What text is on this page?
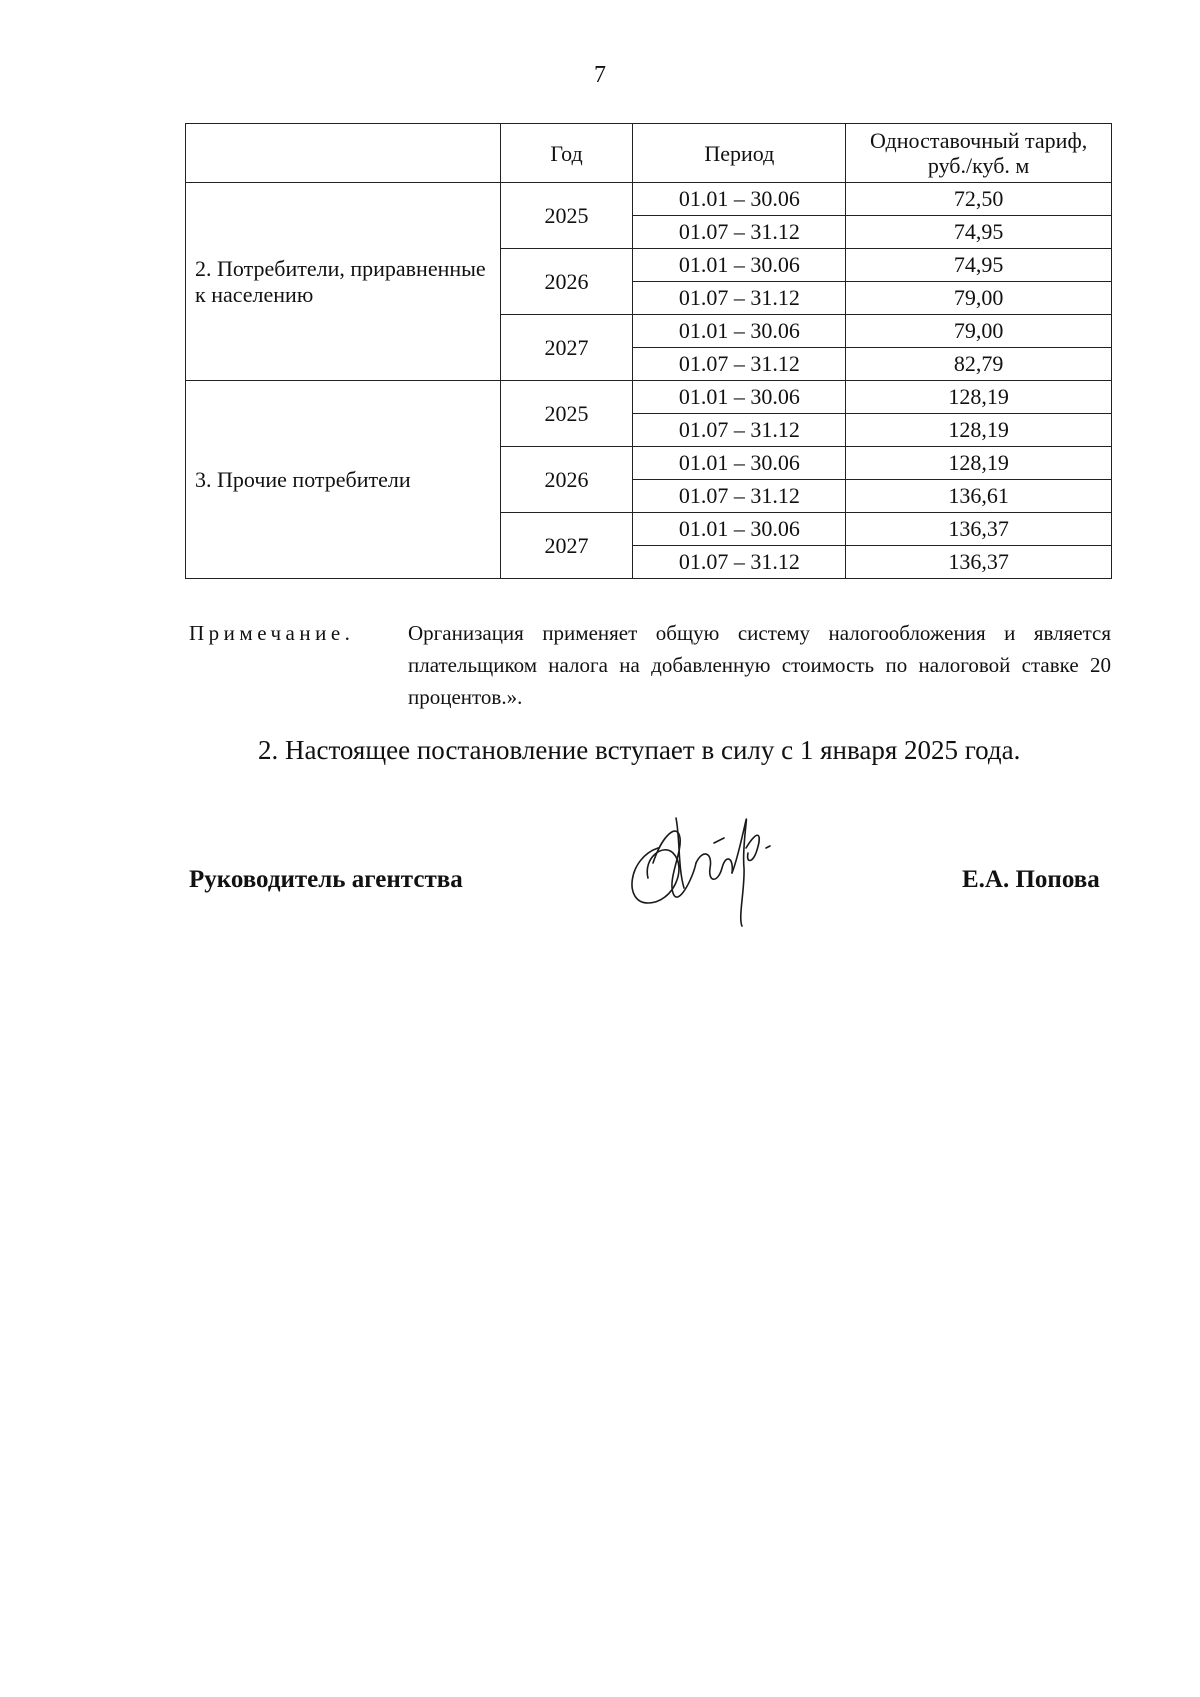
7
	Год	Период	Одноставочный тариф, руб./куб. м
2. Потребители, приравненные к населению	2025	01.01 – 30.06	72,50
		01.07 – 31.12	74,95
	2026	01.01 – 30.06	74,95
		01.07 – 31.12	79,00
	2027	01.01 – 30.06	79,00
		01.07 – 31.12	82,79
3. Прочие потребители	2025	01.01 – 30.06	128,19
		01.07 – 31.12	128,19
	2026	01.01 – 30.06	128,19
		01.07 – 31.12	136,61
	2027	01.01 – 30.06	136,37
		01.07 – 31.12	136,37
Примечание.	Организация применяет общую систему налогообложения и является плательщиком налога на добавленную стоимость по налоговой ставке 20 процентов.».
2. Настоящее постановление вступает в силу с 1 января 2025 года.
Руководитель агентства	Е.А. Попова
